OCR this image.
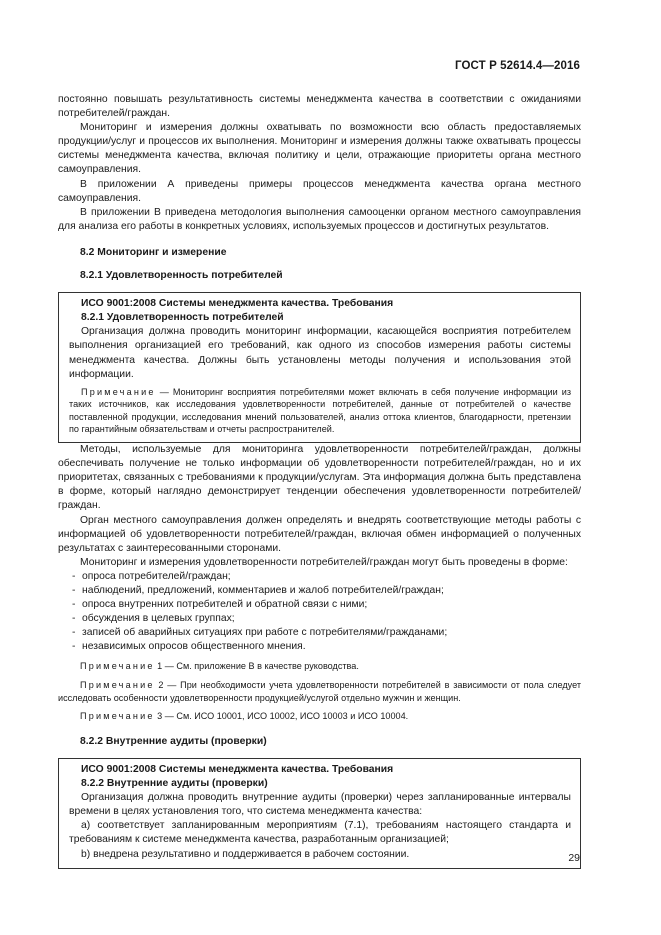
ГОСТ Р 52614.4—2016

постоянно повышать результативность системы менеджмента качества в соответствии с ожиданиями потребителей/граждан.

Мониторинг и измерения должны охватывать по возможности всю область предоставляемых продукции/услуг и процессов их выполнения. Мониторинг и измерения должны также охватывать процессы системы менеджмента качества, включая политику и цели, отражающие приоритеты органа местного самоуправления.

В приложении А приведены примеры процессов менеджмента качества органа местного самоуправления.

В приложении В приведена методология выполнения самооценки органом местного самоуправления для анализа его работы в конкретных условиях, используемых процессов и достигнутых результатов.

8.2 Мониторинг и измерение
8.2.1 Удовлетворенность потребителей
ИСО 9001:2008 Системы менеджмента качества. Требования
8.2.1 Удовлетворенность потребителей

Организация должна проводить мониторинг информации, касающейся восприятия потребителем выполнения организацией его требований, как одного из способов измерения работы системы менеджмента качества. Должны быть установлены методы получения и использования этой информации.

Примечание — Мониторинг восприятия потребителями может включать в себя получение информации из таких источников, как исследования удовлетворенности потребителей, данные от потребителей о качестве поставленной продукции, исследования мнений пользователей, анализ оттока клиентов, благодарности, претензии по гарантийным обязательствам и отчеты распространителей.

Методы, используемые для мониторинга удовлетворенности потребителей/граждан, должны обеспечивать получение не только информации об удовлетворенности потребителей/граждан, но и их приоритетах, связанных с требованиями к продукции/услугам. Эта информация должна быть представлена в форме, который наглядно демонстрирует тенденции обеспечения удовлетворенности потребителей/граждан.

Орган местного самоуправления должен определять и внедрять соответствующие методы работы с информацией об удовлетворенности потребителей/граждан, включая обмен информацией о полученных результатах с заинтересованными сторонами.

Мониторинг и измерения удовлетворенности потребителей/граждан могут быть проведены в форме:

- опроса потребителей/граждан;
- наблюдений, предложений, комментариев и жалоб потребителей/граждан;
- опроса внутренних потребителей и обратной связи с ними;
- обсуждения в целевых группах;
- записей об аварийных ситуациях при работе с потребителями/гражданами;
- независимых опросов общественного мнения.

Примечание 1 — См. приложение В в качестве руководства.

Примечание 2 — При необходимости учета удовлетворенности потребителей в зависимости от пола следует исследовать особенности удовлетворенности продукцией/услугой отдельно мужчин и женщин.

Примечание 3 — См. ИСО 10001, ИСО 10002, ИСО 10003 и ИСО 10004.

8.2.2 Внутренние аудиты (проверки)
ИСО 9001:2008 Системы менеджмента качества. Требования
8.2.2 Внутренние аудиты (проверки)

Организация должна проводить внутренние аудиты (проверки) через запланированные интервалы времени в целях установления того, что система менеджмента качества:

а) соответствует запланированным мероприятиям (7.1), требованиям настоящего стандарта и требованиям к системе менеджмента качества, разработанным организацией;

b) внедрена результативно и поддерживается в рабочем состоянии.	29
